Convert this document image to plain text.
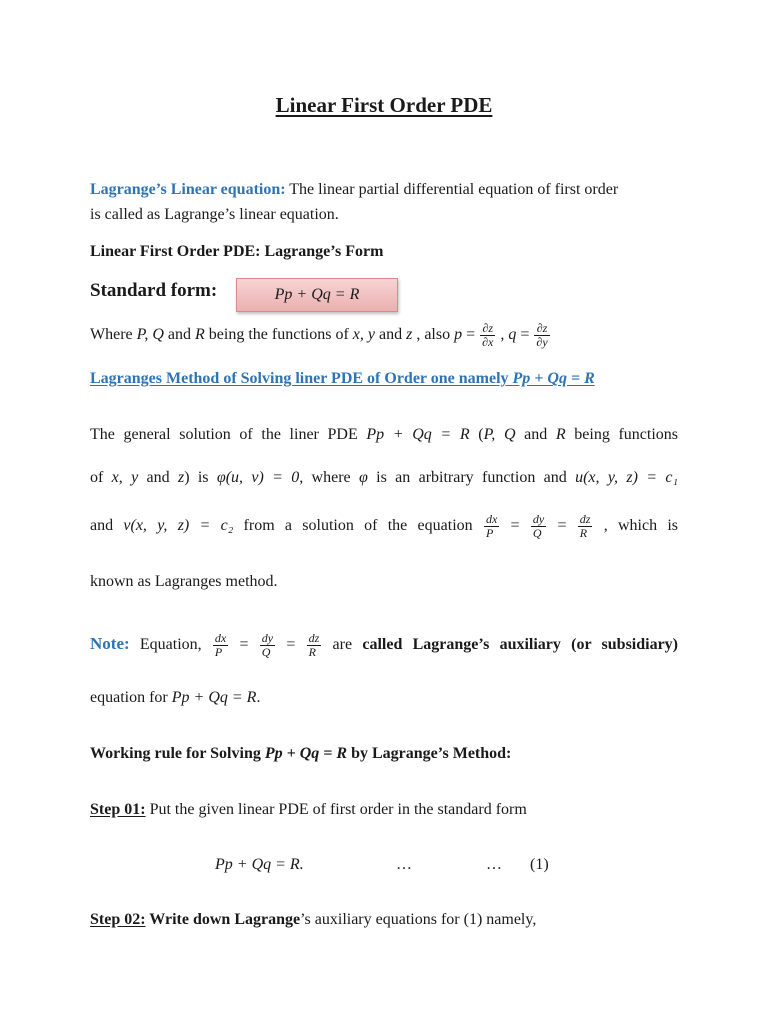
Linear First Order PDE
Lagrange’s Linear equation: The linear partial differential equation of first order
is called as Lagrange’s linear equation.
Linear First Order PDE: Lagrange’s Form
Standard form:	Pp + Qq = R
Where P, Q and R being the functions of x, y and z , also $p = \frac{\partial z}{\partial x}$ , $q = \frac{\partial z}{\partial y}$
Lagranges Method of Solving liner PDE of Order one namely Pp + Qq = R
The general solution of the liner PDE Pp + Qq = R (P, Q and R being functions
of x, y and z) is φ(u, v) = 0, where φ is an arbitrary function and u(x, y, z) = c₁
and v(x, y, z) = c₂ from a solution of the equation $\frac{dx}{P} = \frac{dy}{Q} = \frac{dz}{R}$ , which is
known as Lagranges method.
Note: Equation, $\frac{dx}{P} = \frac{dy}{Q} = \frac{dz}{R}$ are called Lagrange’s auxiliary (or subsidiary)
equation for Pp + Qq = R.
Working rule for Solving Pp + Qq = R by Lagrange’s Method:
Step 01: Put the given linear PDE of first order in the standard form
Pp + Qq = R.	…	… (1)
Step 02: Write down Lagrange’s auxiliary equations for (1) namely,
